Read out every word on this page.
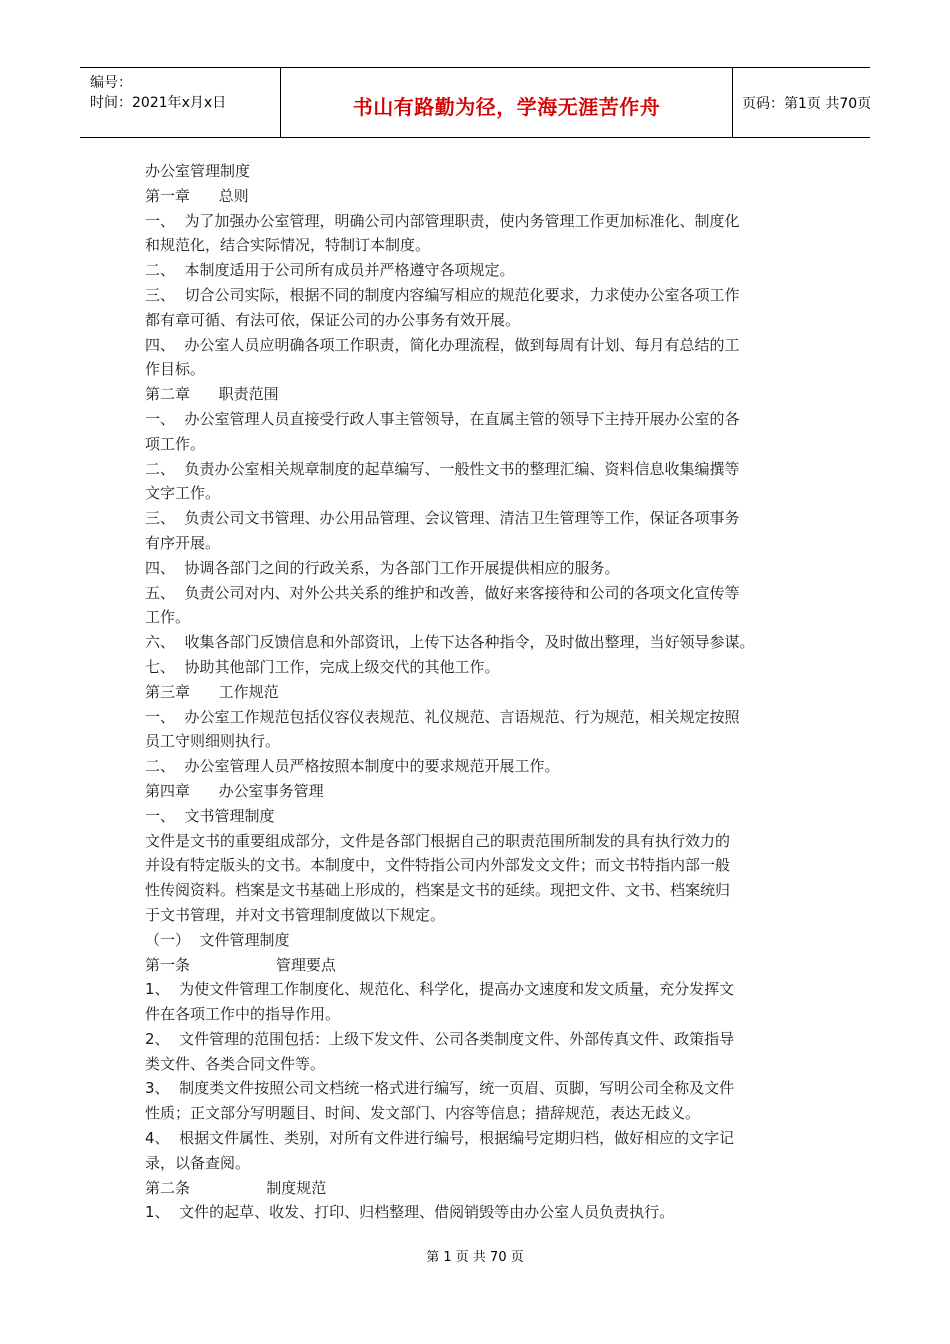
编号：
时间：2021年x月x日	书山有路勤为径，学海无涯苦作舟	页码：第1页 共70页
办公室管理制度
第一章      总则
一、  为了加强办公室管理，明确公司内部管理职责，使内务管理工作更加标准化、制度化
和规范化，结合实际情况，特制订本制度。
二、  本制度适用于公司所有成员并严格遵守各项规定。
三、  切合公司实际，根据不同的制度内容编写相应的规范化要求，力求使办公室各项工作
都有章可循、有法可依，保证公司的办公事务有效开展。
四、  办公室人员应明确各项工作职责，简化办理流程，做到每周有计划、每月有总结的工
作目标。
第二章      职责范围
一、  办公室管理人员直接受行政人事主管领导，在直属主管的领导下主持开展办公室的各
项工作。
二、  负责办公室相关规章制度的起草编写、一般性文书的整理汇编、资料信息收集编撰等
文字工作。
三、  负责公司文书管理、办公用品管理、会议管理、清洁卫生管理等工作，保证各项事务
有序开展。
四、  协调各部门之间的行政关系，为各部门工作开展提供相应的服务。
五、  负责公司对内、对外公共关系的维护和改善，做好来客接待和公司的各项文化宣传等
工作。
六、  收集各部门反馈信息和外部资讯，上传下达各种指令，及时做出整理，当好领导参谋。
七、  协助其他部门工作，完成上级交代的其他工作。
第三章      工作规范
一、  办公室工作规范包括仪容仪表规范、礼仪规范、言语规范、行为规范，相关规定按照
员工守则细则执行。
二、  办公室管理人员严格按照本制度中的要求规范开展工作。
第四章      办公室事务管理
一、  文书管理制度
文件是文书的重要组成部分，文件是各部门根据自己的职责范围所制发的具有执行效力的
并设有特定版头的文书。本制度中，文件特指公司内外部发文文件；而文书特指内部一般
性传阅资料。档案是文书基础上形成的，档案是文书的延续。现把文件、文书、档案统归
于文书管理，并对文书管理制度做以下规定。
（一）  文件管理制度
第一条                  管理要点
1、  为使文件管理工作制度化、规范化、科学化，提高办文速度和发文质量，充分发挥文
件在各项工作中的指导作用。
2、  文件管理的范围包括：上级下发文件、公司各类制度文件、外部传真文件、政策指导
类文件、各类合同文件等。
3、  制度类文件按照公司文档统一格式进行编写，统一页眉、页脚，写明公司全称及文件
性质；正文部分写明题目、时间、发文部门、内容等信息；措辞规范，表达无歧义。
4、  根据文件属性、类别，对所有文件进行编号，根据编号定期归档，做好相应的文字记
录，以备查阅。
第二条                制度规范
1、  文件的起草、收发、打印、归档整理、借阅销毁等由办公室人员负责执行。
第 1 页 共 70 页
